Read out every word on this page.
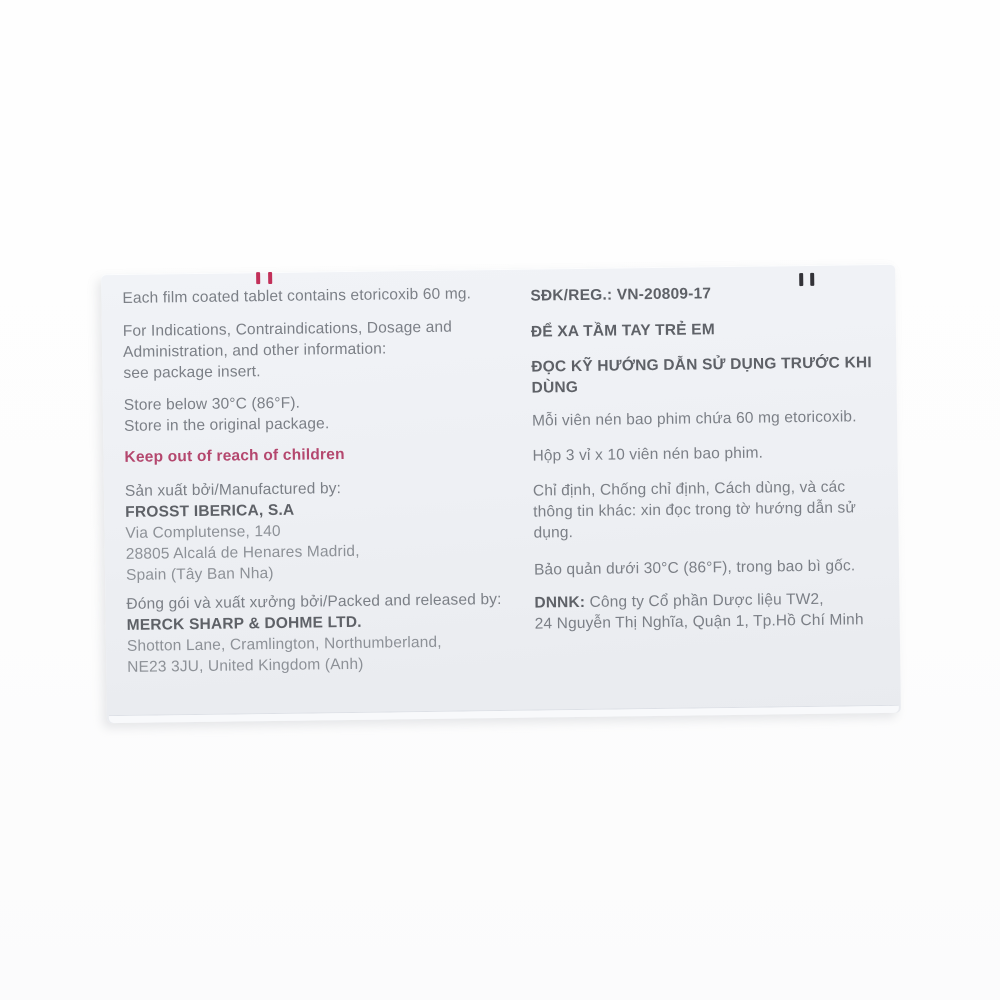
Each film coated tablet contains etoricoxib 60 mg.
For Indications, Contraindications, Dosage and
Administration, and other information:
see package insert.
Store below 30°C (86°F).
Store in the original package.
Keep out of reach of children
Sản xuất bởi/Manufactured by:
FROSST IBERICA, S.A
Via Complutense, 140
28805 Alcalá de Henares Madrid,
Spain (Tây Ban Nha)
Đóng gói và xuất xưởng bởi/Packed and released by:
MERCK SHARP & DOHME LTD.
Shotton Lane, Cramlington, Northumberland,
NE23 3JU, United Kingdom (Anh)
SĐK/REG.: VN-20809-17
ĐỂ XA TẦM TAY TRẺ EM
ĐỌC KỸ HƯỚNG DẪN SỬ DỤNG TRƯỚC KHI
DÙNG
Mỗi viên nén bao phim chứa 60 mg etoricoxib.
Hộp 3 vỉ x 10 viên nén bao phim.
Chỉ định, Chống chỉ định, Cách dùng, và các
thông tin khác: xin đọc trong tờ hướng dẫn sử
dụng.
Bảo quản dưới 30°C (86°F), trong bao bì gốc.
DNNK: Công ty Cổ phần Dược liệu TW2,
24 Nguyễn Thị Nghĩa, Quận 1, Tp.Hồ Chí Minh
